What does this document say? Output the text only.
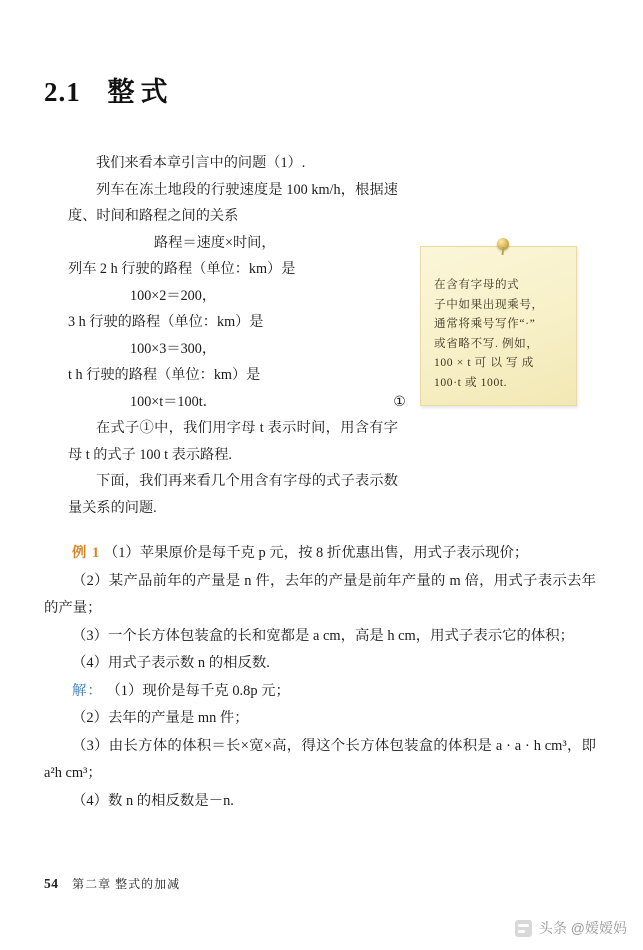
2.1 整式

我们来看本章引言中的问题（1）.

列车在冻土地段的行驶速度是 100 km/h，根据速度、时间和路程之间的关系

路程＝速度×时间，

列车 2 h 行驶的路程（单位：km）是

100×2＝200，

3 h 行驶的路程（单位：km）是

100×3＝300，

t h 行驶的路程（单位：km）是

100×t＝100t．	①

在式子①中，我们用字母 t 表示时间，用含有字母 t 的式子 100 t 表示路程.

下面，我们再来看几个用含有字母的式子表示数量关系的问题.

在含有字母的式
子中如果出现乘号，
通常将乘号写作“·”
或省略不写. 例如，
100 × t 可 以 写 成
100·t 或 100t.

例 1 （1）苹果原价是每千克 p 元，按 8 折优惠出售，用式子表示现价；

（2）某产品前年的产量是 n 件，去年的产量是前年产量的 m 倍，用式子表示去年的产量；

（3）一个长方体包装盒的长和宽都是 a cm，高是 h cm，用式子表示它的体积；

（4）用式子表示数 n 的相反数.

解： （1）现价是每千克 0.8p 元；

（2）去年的产量是 mn 件；

（3）由长方体的体积＝长×宽×高，得这个长方体包装盒的体积是 a · a · h cm³，即 a²h cm³；

（4）数 n 的相反数是－n.

54 第二章 整式的加减
头条 @嫒嫒妈
